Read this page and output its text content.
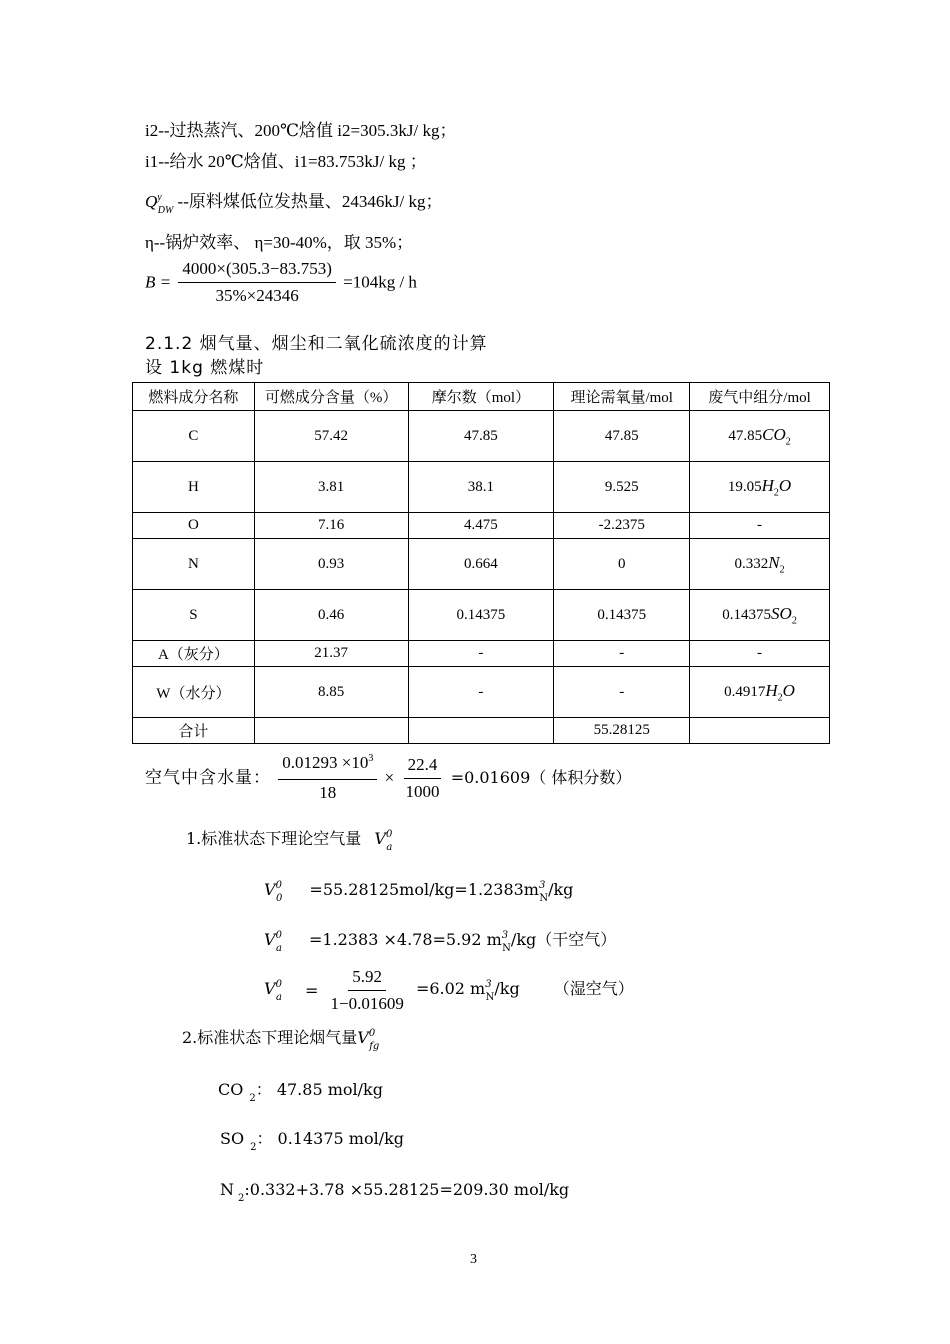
i2--过热蒸汽、200℃焓值 i2=305.3kJ/ kg；
i1--给水 20℃焓值、i1=83.753kJ/ kg ；
$Q^y_{DW}$ --原料煤低位发热量、24346kJ/ kg；
η--锅炉效率、 η=30-40%，取 35%；
$B = \frac{4000\times(305.3-83.753)}{35\%\times 24346} =104kg / h$
2.1.2 烟气量、烟尘和二氧化硫浓度的计算
设 1kg 燃煤时
燃料成分名称	可燃成分含量（%）	摩尔数（mol）	理论需氧量/mol	废气中组分/mol
C	57.42	47.85	47.85	$47.85CO_2$
H	3.81	38.1	9.525	$19.05H_2O$
O	7.16	4.475	-2.2375	-
N	0.93	0.664	0	$0.332N_2$
S	0.46	0.14375	0.14375	$0.14375SO_2$
A（灰分）	21.37	-	-	-
W（水分）	8.85	-	-	$0.4917H_2O$
合计			55.28125	
空气中含水量： $\frac{0.01293 \times 10^3}{18} \times \frac{22.4}{1000} =0.01609$（ 体积分数）
1.标准状态下理论空气量 $V^0_a$
$V^0_0 =55.28125mol/kg=1.2383m^3_N/kg$
$V^0_a =1.2383 \times 4.78=5.92$ $m^3_N/kg$（干空气）
$V^0_a = \frac{5.92}{1-0.01609} =6.02$ $m^3_N/kg$ （湿空气）
2.标准状态下理论烟气量$V^0_{fg}$
CO $_2$： 47.85 mol/kg
SO $_2$： 0.14375 mol/kg
N $_2$:0.332+3.78 ×55.28125=209.30 mol/kg
3
